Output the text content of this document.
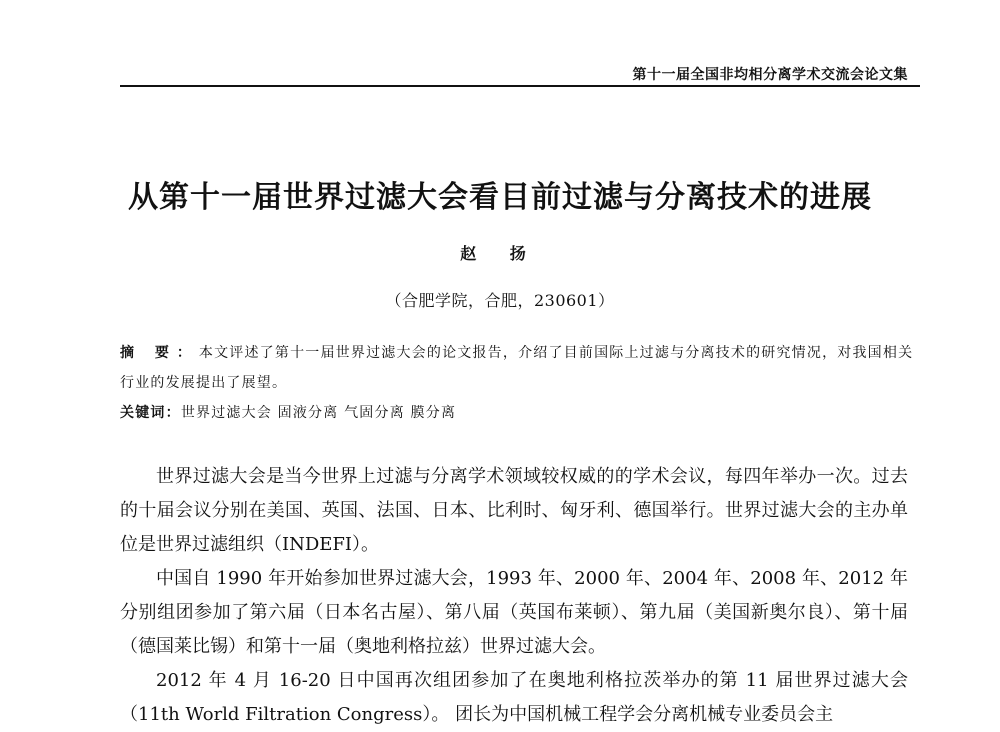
第十一届全国非均相分离学术交流会论文集
从第十一届世界过滤大会看目前过滤与分离技术的进展
赵 扬
（合肥学院，合肥，230601）
摘 要：本文评述了第十一届世界过滤大会的论文报告，介绍了目前国际上过滤与分离技术的研究情况，对我国相关行业的发展提出了展望。
关键词：世界过滤大会 固液分离 气固分离 膜分离

世界过滤大会是当今世界上过滤与分离学术领域较权威的的学术会议，每四年举办一次。过去的十届会议分别在美国、英国、法国、日本、比利时、匈牙利、德国举行。世界过滤大会的主办单位是世界过滤组织（INDEFI）。

中国自 1990 年开始参加世界过滤大会，1993 年、2000 年、2004 年、2008 年、2012 年分别组团参加了第六届（日本名古屋）、第八届（英国布莱顿）、第九届（美国新奥尔良）、第十届（德国莱比锡）和第十一届（奥地利格拉兹）世界过滤大会。

2012 年 4 月 16-20 日中国再次组团参加了在奥地利格拉茨举办的第 11 届世界过滤大会（11th World Filtration Congress）。 团长为中国机械工程学会分离机械专业委员会主
